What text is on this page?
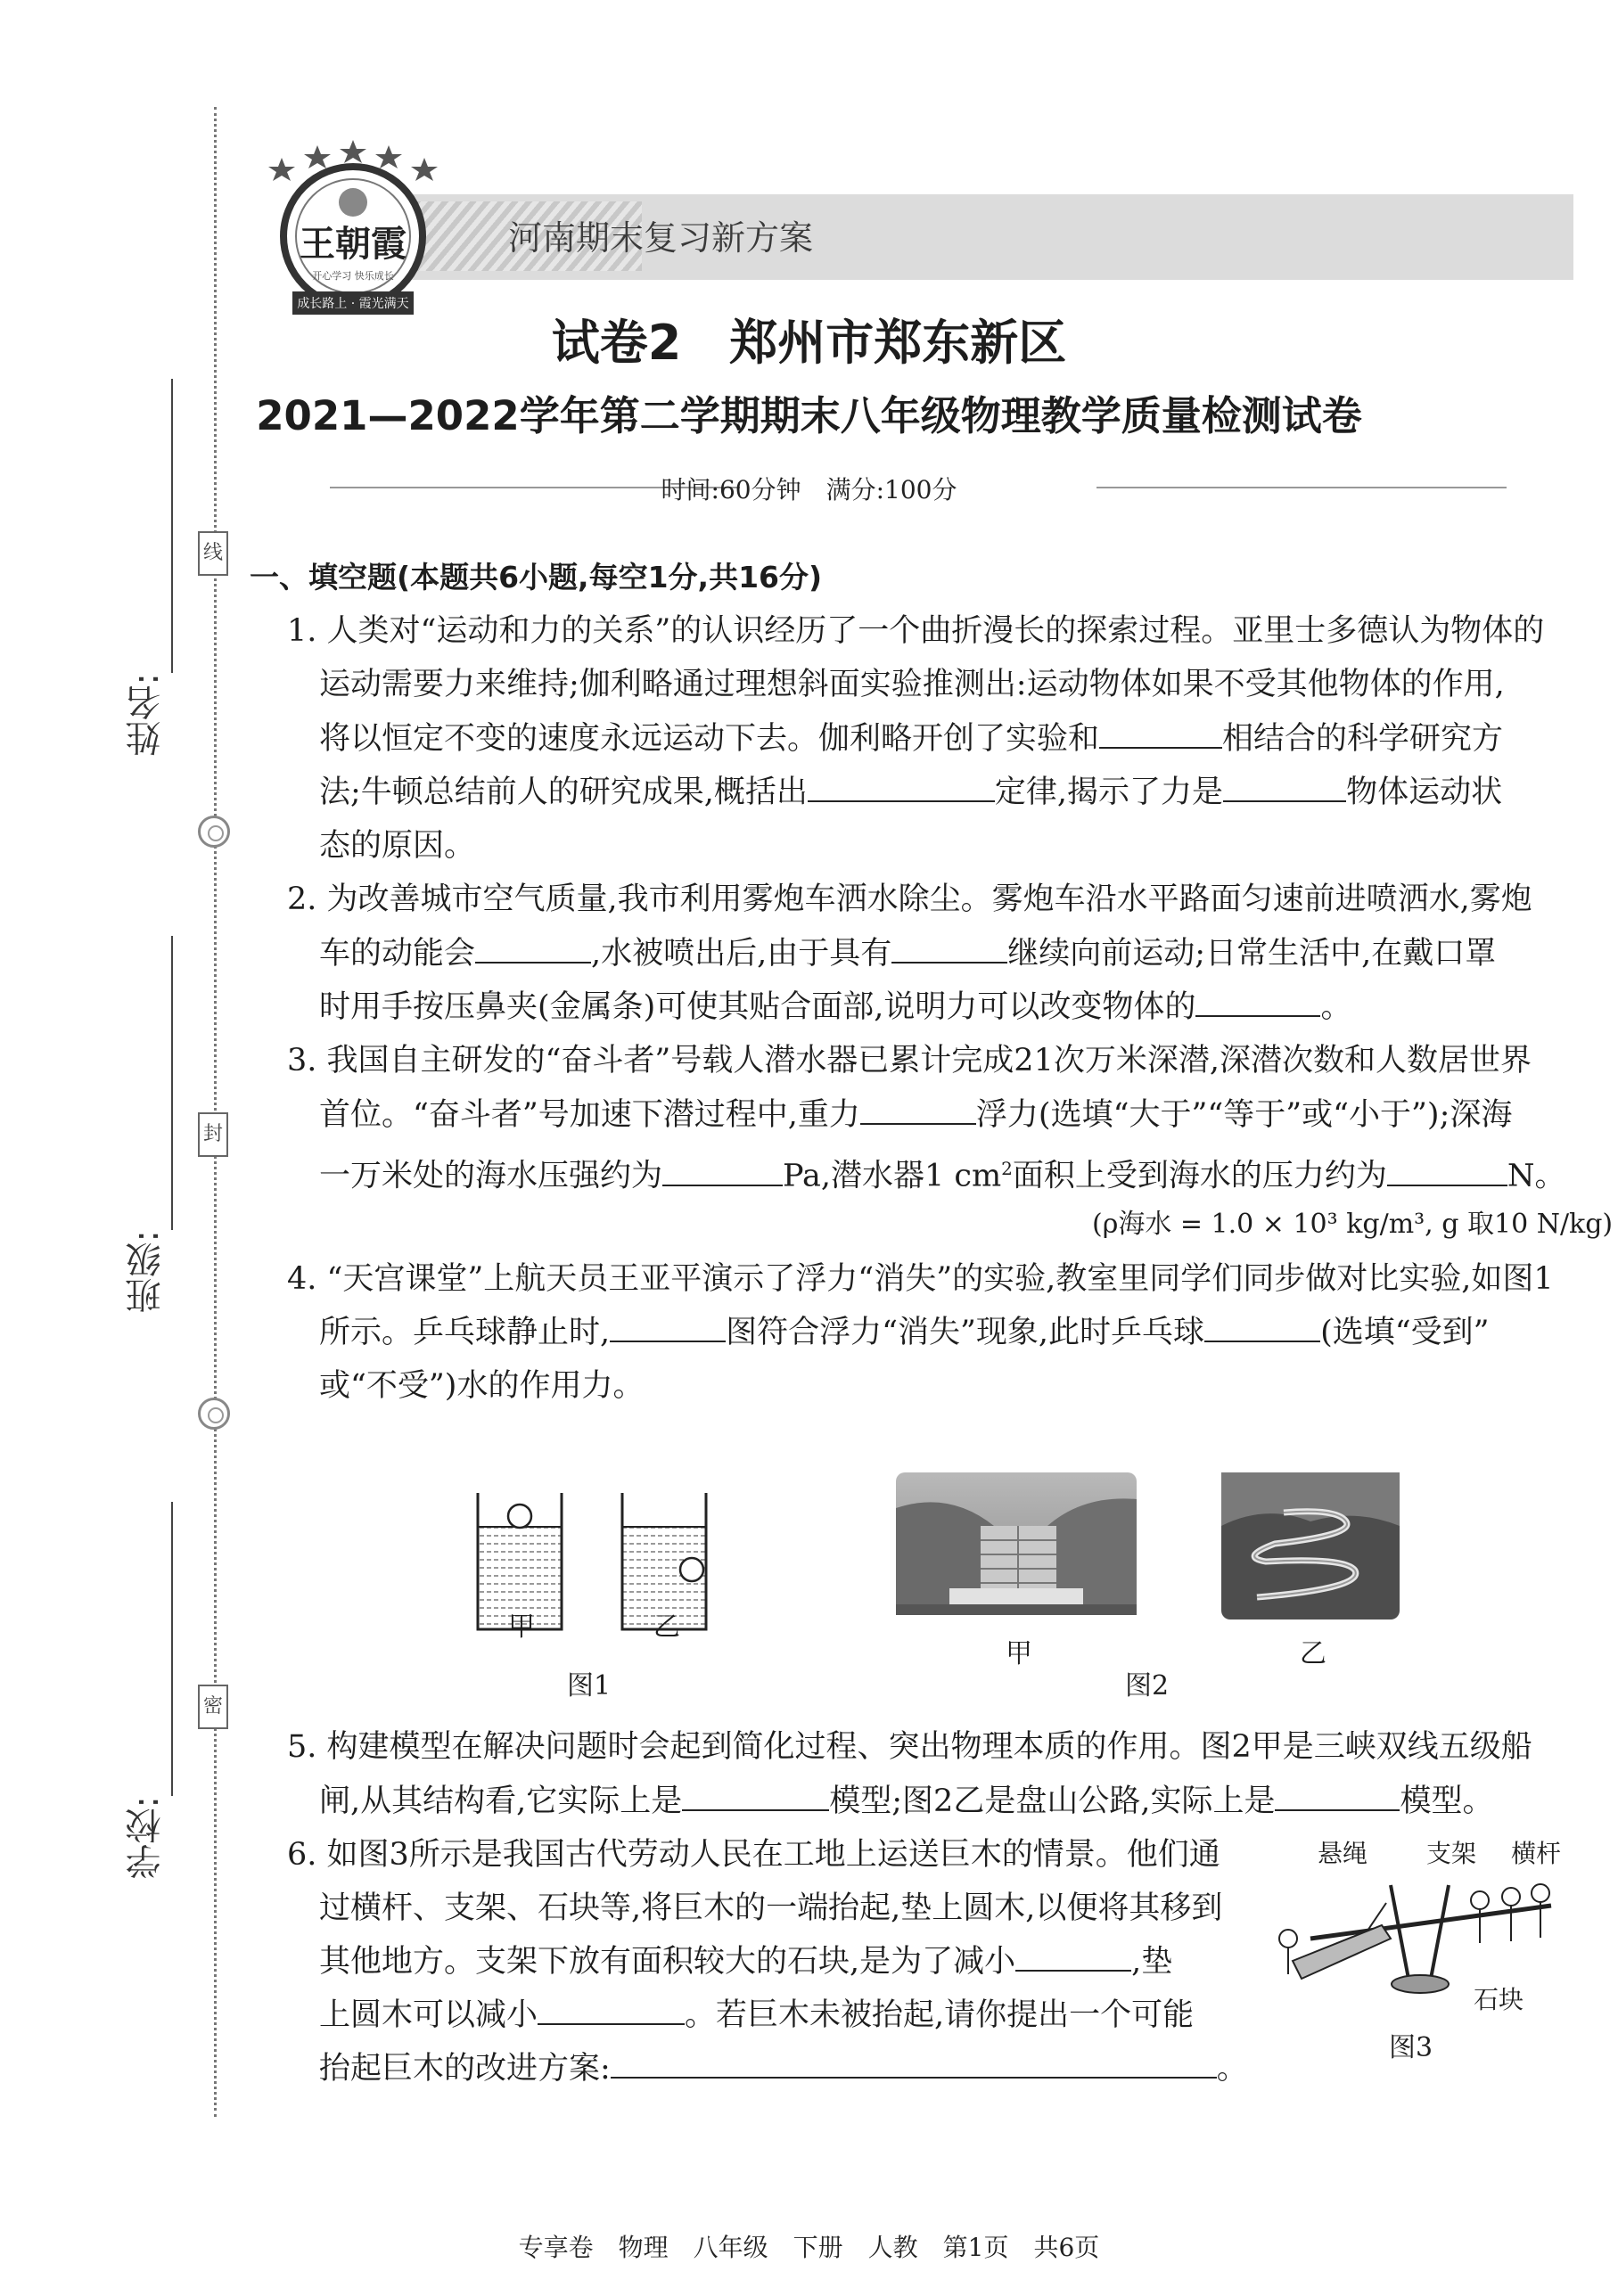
线
封
密
姓名:
班级:
学校:
河南期末复习新方案
王朝霞
开心学习 快乐成长
成长路上 · 霞光满天
试卷2　郑州市郑东新区
2021—2022学年第二学期期末八年级物理教学质量检测试卷
时间:60分钟　满分:100分
一、填空题(本题共6小题,每空1分,共16分)
1. 人类对“运动和力的关系”的认识经历了一个曲折漫长的探索过程。亚里士多德认为物体的
运动需要力来维持;伽利略通过理想斜面实验推测出:运动物体如果不受其他物体的作用,
将以恒定不变的速度永远运动下去。伽利略开创了实验和	相结合的科学研究方
法;牛顿总结前人的研究成果,概括出	定律,揭示了力是	物体运动状
态的原因。
2. 为改善城市空气质量,我市利用雾炮车洒水除尘。雾炮车沿水平路面匀速前进喷洒水,雾炮
车的动能会	,水被喷出后,由于具有	继续向前运动;日常生活中,在戴口罩
时用手按压鼻夹(金属条)可使其贴合面部,说明力可以改变物体的	。
3. 我国自主研发的“奋斗者”号载人潜水器已累计完成21次万米深潜,深潜次数和人数居世界
首位。“奋斗者”号加速下潜过程中,重力	浮力(选填“大于”“等于”或“小于”);深海
一万米处的海水压强约为	Pa,潜水器1 $cm^2$面积上受到海水的压力约为	N。
(ρ海水 = 1.0 × 10³ kg/m³, g 取10 N/kg)
4. “天宫课堂”上航天员王亚平演示了浮力“消失”的实验,教室里同学们同步做对比实验,如图1
所示。乒乓球静止时,	图符合浮力“消失”现象,此时乒乓球	(选填“受到”
或“不受”)水的作用力。
甲	乙
图1
甲	乙
图2
5. 构建模型在解决问题时会起到简化过程、突出物理本质的作用。图2甲是三峡双线五级船
闸,从其结构看,它实际上是	模型;图2乙是盘山公路,实际上是	模型。
6. 如图3所示是我国古代劳动人民在工地上运送巨木的情景。他们通
过横杆、支架、石块等,将巨木的一端抬起,垫上圆木,以便将其移到
其他地方。支架下放有面积较大的石块,是为了减小	,垫
上圆木可以减小	。若巨木未被抬起,请你提出一个可能
抬起巨木的改进方案:	。
悬绳 支架 横杆
石块
图3
专享卷　物理　八年级　下册　人教　第1页　共6页
